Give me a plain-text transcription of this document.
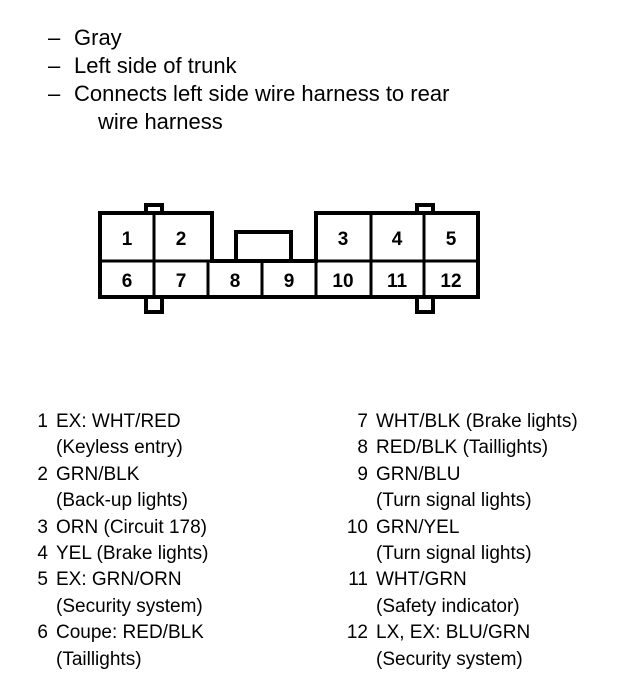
– Gray
– Left side of trunk
– Connects left side wire harness to rear
wire harness
1 2	3 4 5
6 7 8 9 10 11 12
1 EX: WHT/RED
(Keyless entry)
2 GRN/BLK
(Back-up lights)
3 ORN (Circuit 178)
4 YEL (Brake lights)
5 EX: GRN/ORN
(Security system)
6 Coupe: RED/BLK
(Taillights)
7 WHT/BLK (Brake lights)
8 RED/BLK (Taillights)
9 GRN/BLU
(Turn signal lights)
10 GRN/YEL
(Turn signal lights)
11 WHT/GRN
(Safety indicator)
12 LX, EX: BLU/GRN
(Security system)
